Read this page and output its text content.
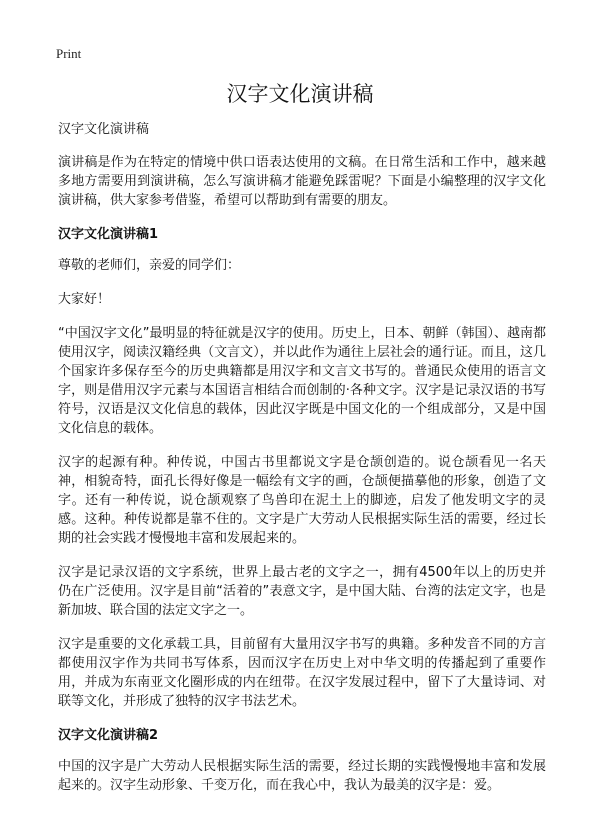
Print
汉字文化演讲稿

汉字文化演讲稿

演讲稿是作为在特定的情境中供口语表达使用的文稿。在日常生活和工作中，越来越多地方需要用到演讲稿，怎么写演讲稿才能避免踩雷呢？下面是小编整理的汉字文化演讲稿，供大家参考借鉴，希望可以帮助到有需要的朋友。

汉字文化演讲稿1

尊敬的老师们，亲爱的同学们：

大家好！

“中国汉字文化”最明显的特征就是汉字的使用。历史上，日本、朝鲜（韩国）、越南都使用汉字，阅读汉籍经典（文言文），并以此作为通往上层社会的通行证。而且，这几个国家许多保存至今的历史典籍都是用汉字和文言文书写的。普通民众使用的语言文字，则是借用汉字元素与本国语言相结合而创制的·各种文字。汉字是记录汉语的书写符号，汉语是汉文化信息的载体，因此汉字既是中国文化的一个组成部分，又是中国文化信息的载体。

汉字的起源有种。种传说，中国古书里都说文字是仓颉创造的。说仓颉看见一名天神，相貌奇特，面孔长得好像是一幅绘有文字的画，仓颉便描摹他的形象，创造了文字。还有一种传说，说仓颉观察了鸟兽印在泥土上的脚迹，启发了他发明文字的灵感。这种。种传说都是靠不住的。文字是广大劳动人民根据实际生活的需要，经过长期的社会实践才慢慢地丰富和发展起来的。

汉字是记录汉语的文字系统，世界上最古老的文字之一，拥有4500年以上的历史并仍在广泛使用。汉字是目前“活着的”表意文字，是中国大陆、台湾的法定文字，也是新加坡、联合国的法定文字之一。

汉字是重要的文化承载工具，目前留有大量用汉字书写的典籍。多种发音不同的方言都使用汉字作为共同书写体系，因而汉字在历史上对中华文明的传播起到了重要作用，并成为东南亚文化圈形成的内在纽带。在汉字发展过程中，留下了大量诗词、对联等文化，并形成了独特的汉字书法艺术。

汉字文化演讲稿2

中国的汉字是广大劳动人民根据实际生活的需要，经过长期的实践慢慢地丰富和发展起来的。汉字生动形象、千变万化，而在我心中，我认为最美的汉字是：爱。
